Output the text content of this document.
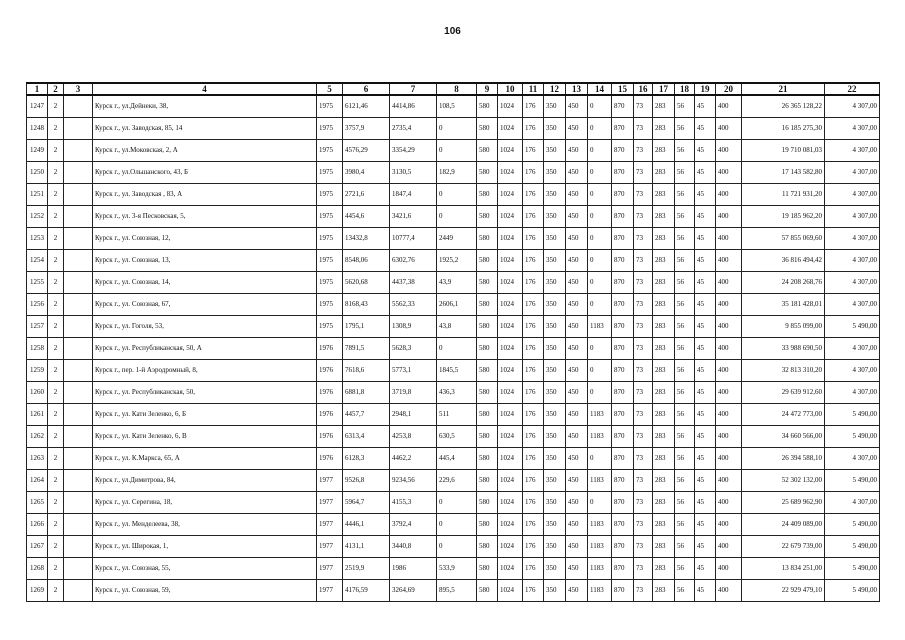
106
1	2	3	4	5	6	7	8	9	10	11	12	13	14	15	16	17	18	19	20	21	22
1247	2		Курск г., ул.Дейнеки, 38,	1975	6121,46	4414,86	108,5	580	1024	176	350	450	0	870	73	283	56	45	400	26 365 128,22	4 307,00
1248	2		Курск г., ул. Заводская, 85, 14	1975	3757,9	2735,4	0	580	1024	176	350	450	0	870	73	283	56	45	400	16 185 275,30	4 307,00
1249	2		Курск г., ул.Моковская, 2, А	1975	4576,29	3354,29	0	580	1024	176	350	450	0	870	73	283	56	45	400	19 710 081,03	4 307,00
1250	2		Курск г., ул.Ольшанского, 43, Б	1975	3980,4	3130,5	182,9	580	1024	176	350	450	0	870	73	283	56	45	400	17 143 582,80	4 307,00
1251	2		Курск г., ул. Заводская , 83, А	1975	2721,6	1847,4	0	580	1024	176	350	450	0	870	73	283	56	45	400	11 721 931,20	4 307,00
1252	2		Курск г., ул. 3-я Песковская, 5,	1975	4454,6	3421,6	0	580	1024	176	350	450	0	870	73	283	56	45	400	19 185 962,20	4 307,00
1253	2		Курск г., ул. Союзная, 12,	1975	13432,8	10777,4	2449	580	1024	176	350	450	0	870	73	283	56	45	400	57 855 069,60	4 307,00
1254	2		Курск г., ул. Союзная, 13,	1975	8548,06	6302,76	1925,2	580	1024	176	350	450	0	870	73	283	56	45	400	36 816 494,42	4 307,00
1255	2		Курск г., ул. Союзная, 14,	1975	5620,68	4437,38	43,9	580	1024	176	350	450	0	870	73	283	56	45	400	24 208 268,76	4 307,00
1256	2		Курск г., ул. Союзная, 67,	1975	8168,43	5562,33	2606,1	580	1024	176	350	450	0	870	73	283	56	45	400	35 181 428,01	4 307,00
1257	2		Курск г., ул. Гоголя, 53,	1975	1795,1	1308,9	43,8	580	1024	176	350	450	1183	870	73	283	56	45	400	9 855 099,00	5 490,00
1258	2		Курск г., ул. Республиканская, 50, А	1976	7891,5	5628,3	0	580	1024	176	350	450	0	870	73	283	56	45	400	33 988 690,50	4 307,00
1259	2		Курск г., пер. 1-й Аэродромный, 8,	1976	7618,6	5773,1	1845,5	580	1024	176	350	450	0	870	73	283	56	45	400	32 813 310,20	4 307,00
1260	2		Курск г., ул. Республиканская, 50,	1976	6881,8	3719,8	436,3	580	1024	176	350	450	0	870	73	283	56	45	400	29 639 912,60	4 307,00
1261	2		Курск г., ул. Кати Зеленко, 6, Б	1976	4457,7	2948,1	511	580	1024	176	350	450	1183	870	73	283	56	45	400	24 472 773,00	5 490,00
1262	2		Курск г., ул. Кати Зеленко, 6, В	1976	6313,4	4253,8	630,5	580	1024	176	350	450	1183	870	73	283	56	45	400	34 660 566,00	5 490,00
1263	2		Курск г., ул. К.Маркса, 65, А	1976	6128,3	4462,2	445,4	580	1024	176	350	450	0	870	73	283	56	45	400	26 394 588,10	4 307,00
1264	2		Курск г., ул.Димитрова, 84,	1977	9526,8	9234,56	229,6	580	1024	176	350	450	1183	870	73	283	56	45	400	52 302 132,00	5 490,00
1265	2		Курск г., ул. Серегина, 18,	1977	5964,7	4155,3	0	580	1024	176	350	450	0	870	73	283	56	45	400	25 689 962,90	4 307,00
1266	2		Курск г., ул. Менделеева, 38,	1977	4446,1	3792,4	0	580	1024	176	350	450	1183	870	73	283	56	45	400	24 409 089,00	5 490,00
1267	2		Курск г., ул. Широкая, 1,	1977	4131,1	3440,8	0	580	1024	176	350	450	1183	870	73	283	56	45	400	22 679 739,00	5 490,00
1268	2		Курск г., ул. Союзная, 55,	1977	2519,9	1986	533,9	580	1024	176	350	450	1183	870	73	283	56	45	400	13 834 251,00	5 490,00
1269	2		Курск г., ул. Союзная, 59,	1977	4176,59	3264,69	895,5	580	1024	176	350	450	1183	870	73	283	56	45	400	22 929 479,10	5 490,00
